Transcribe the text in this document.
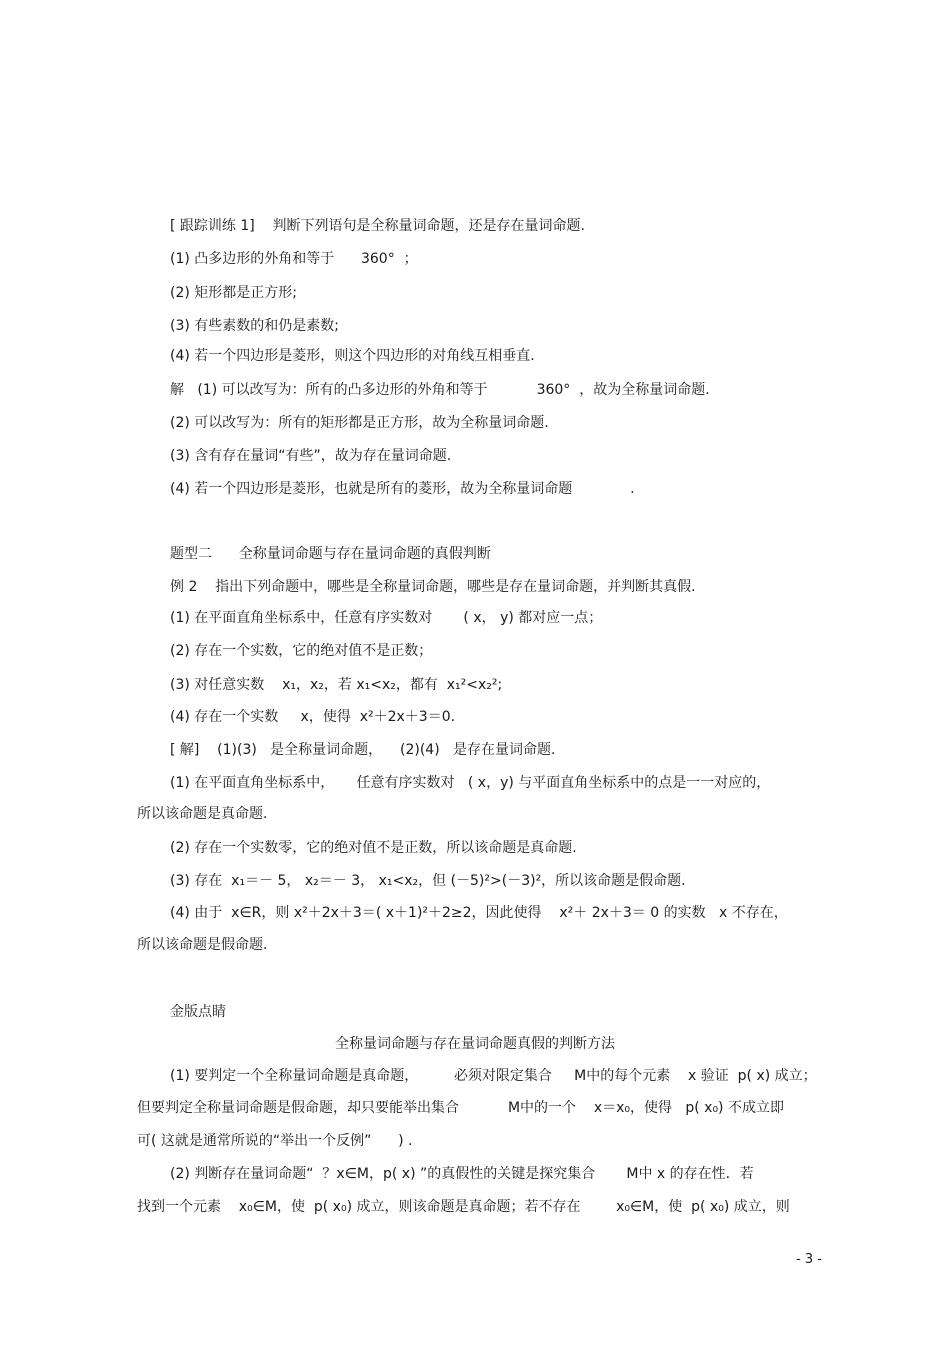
[ 跟踪训练 1]    判断下列语句是全称量词命题，还是存在量词命题.
(1) 凸多边形的外角和等于      360°  ；
(2) 矩形都是正方形;
(3) 有些素数的和仍是素数;
(4) 若一个四边形是菱形，则这个四边形的对角线互相垂直.
解   (1) 可以改写为：所有的凸多边形的外角和等于           360°  ，故为全称量词命题.
(2) 可以改写为：所有的矩形都是正方形，故为全称量词命题.
(3) 含有存在量词“有些”，故为存在量词命题.
(4) 若一个四边形是菱形，也就是所有的菱形，故为全称量词命题             .
题型二      全称量词命题与存在量词命题的真假判断
例 2    指出下列命题中，哪些是全称量词命题，哪些是存在量词命题，并判断其真假.
(1) 在平面直角坐标系中，任意有序实数对       ( x， y) 都对应一点；
(2) 存在一个实数，它的绝对值不是正数；
(3) 对任意实数    x₁，x₂，若 x₁<x₂，都有  x₁²<x₂²;
(4) 存在一个实数     x，使得  x²＋2x＋3＝0.
[ 解]    (1)(3)   是全称量词命题，    (2)(4)   是存在量词命题.
(1) 在平面直角坐标系中，     任意有序实数对   ( x，y) 与平面直角坐标系中的点是一一对应的，
所以该命题是真命题.
(2) 存在一个实数零，它的绝对值不是正数，所以该命题是真命题.
(3) 存在  x₁＝－ 5， x₂＝－ 3， x₁<x₂，但 (－5)²>(－3)²，所以该命题是假命题.
(4) 由于  x∈R，则 x²＋2x＋3＝( x＋1)²＋2≥2，因此使得    x²＋ 2x＋3＝ 0 的实数   x 不存在，
所以该命题是假命题.
金版点睛
全称量词命题与存在量词命题真假的判断方法
(1) 要判定一个全称量词命题是真命题，        必须对限定集合     M中的每个元素    x 验证  p( x) 成立；
但要判定全称量词命题是假命题，却只要能举出集合           M中的一个    x＝x₀，使得   p( x₀) 不成立即
可( 这就是通常所说的“举出一个反例”      ) .
(2) 判断存在量词命题“  ？x∈M，p( x) ”的真假性的关键是探究集合       M中 x 的存在性．若
找到一个元素    x₀∈M，使  p( x₀) 成立，则该命题是真命题；若不存在        x₀∈M，使  p( x₀) 成立，则
- 3 -
